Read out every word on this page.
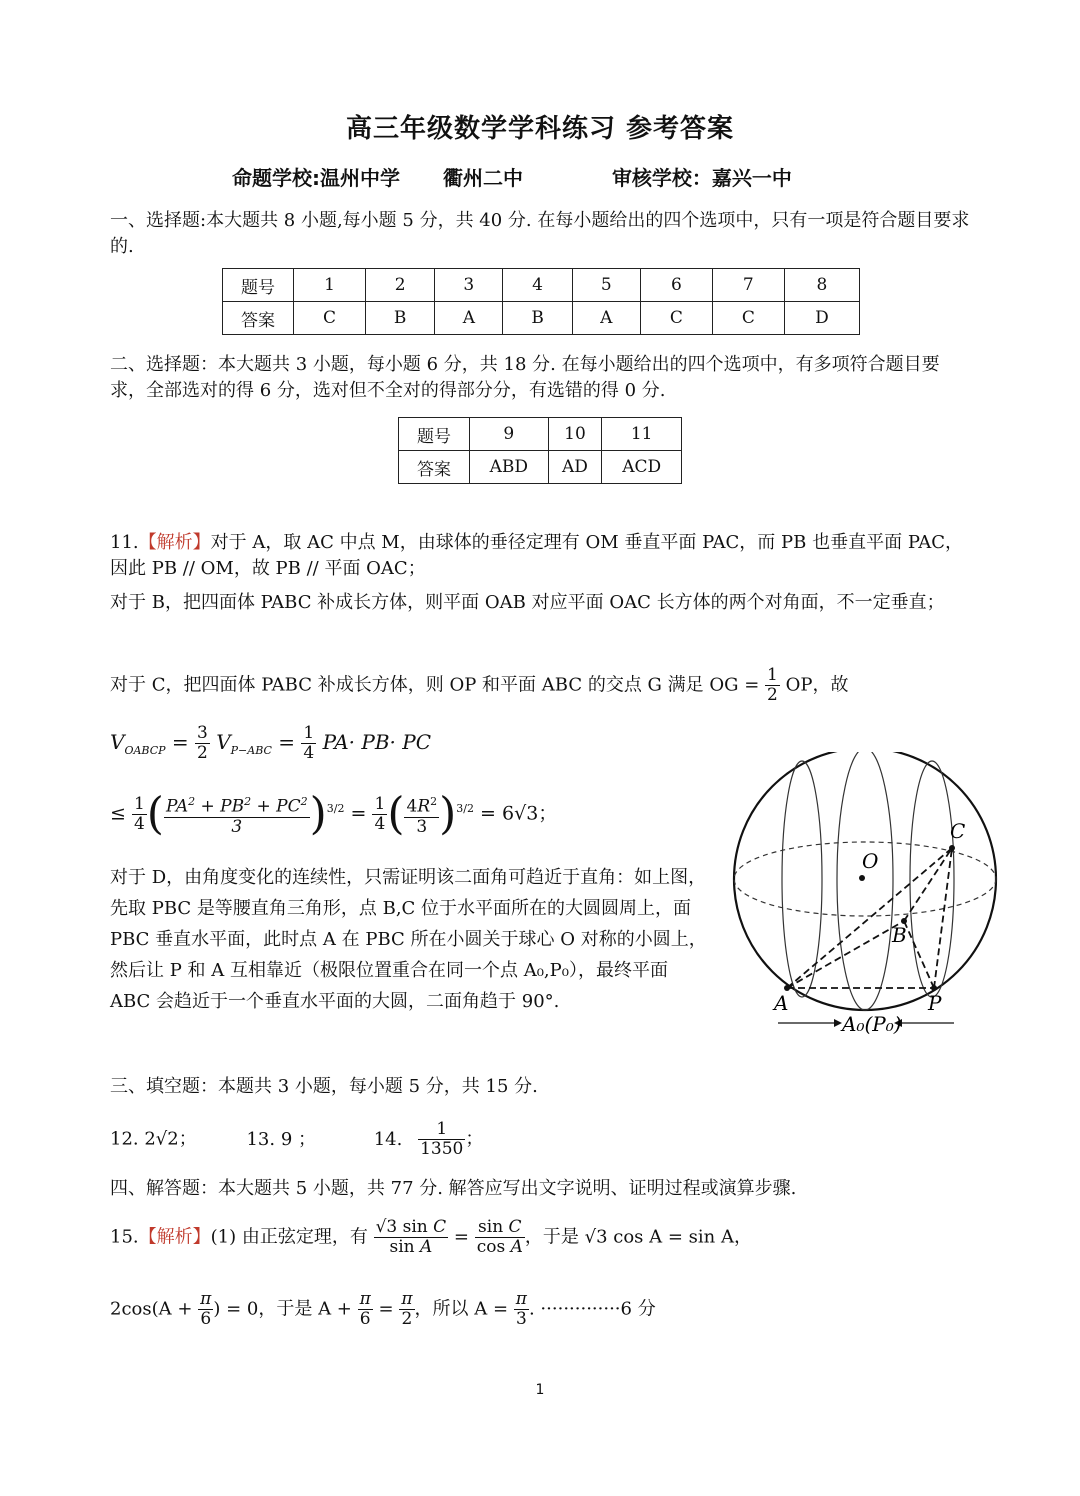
高三年级数学学科练习 参考答案
命题学校:温州中学 衢州二中	审核学校：嘉兴一中
一、选择题:本大题共 8 小题,每小题 5 分，共 40 分. 在每小题给出的四个选项中，只有一项是符合题目要求的.
题号	1	2	3	4	5	6	7	8
答案	C	B	A	B	A	C	C	D
二、选择题：本大题共 3 小题，每小题 6 分，共 18 分. 在每小题给出的四个选项中，有多项符合题目要求，全部选对的得 6 分，选对但不全对的得部分分，有选错的得 0 分.
题号	9	10	11
答案	ABD	AD	ACD
11.【解析】对于 A，取 AC 中点 M，由球体的垂径定理有 OM 垂直平面 PAC，而 PB 也垂直平面 PAC，因此 PB // OM，故 PB // 平面 OAC；
对于 B，把四面体 PABC 补成长方体，则平面 OAB 对应平面 OAC 长方体的两个对角面，不一定垂直；
对于 C，把四面体 PABC 补成长方体，则 OP 和平面 ABC 的交点 G 满足 OG = $\frac{1}{2}$ OP，故
$V_{OABCP} = \frac{3}{2} V_{P-ABC} = \frac{1}{4} PA\cdot PB\cdot$ PC
≤ $\frac{1}{4}$ ( $\frac{PA^2 + PB^2 + PC^2}{3} )^{3/2} = \frac{1}{4}$ ( $\frac{4R^2}{3} )^{3/2} = 6√3$；
对于 D，由角度变化的连续性，只需证明该二面角可趋近于直角：如上图，先取 PBC 是等腰直角三角形，点 B,C 位于水平面所在的大圆圆周上，面 PBC 垂直水平面，此时点 A 在 PBC 所在小圆关于球心 O 对称的小圆上，然后让 P 和 A 互相靠近（极限位置重合在同一个点 A₀,P₀），最终平面 ABC 会趋近于一个垂直水平面的大圆，二面角趋于 90°.
C
O
B
A	P
A₀(P₀)
三、填空题：本题共 3 小题，每小题 5 分，共 15 分.
12. 2√2；	13. 9 ；	14. $\frac{1}{1350}$ ；
四、解答题：本大题共 5 小题，共 77 分. 解答应写出文字说明、证明过程或演算步骤.
15.【解析】(1) 由正弦定理，有 $\frac{\text{√3 sin C}}{\text{sin A}} = \frac{\text{sin C}}{\text{cos A}}$ ，于是 √3 cos A = sin A，
$2\cos(A + \frac{\pi}{6}$ ) = 0，于是 $A + \frac{\pi}{6} = \frac{\pi}{2}$ ，所以 $A = \frac{\pi}{3}$ . ··············6 分
1
